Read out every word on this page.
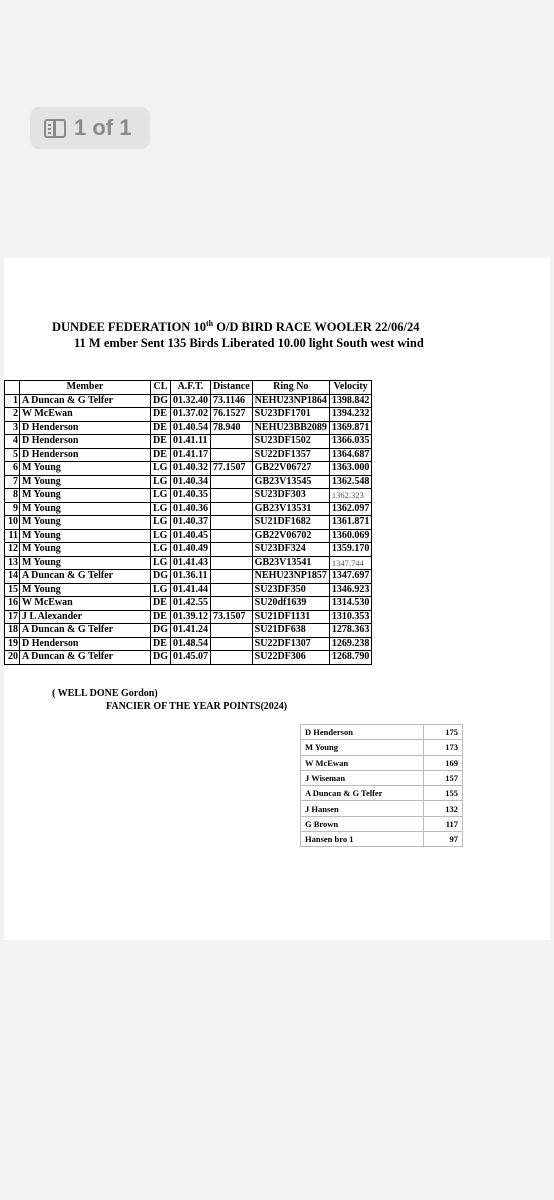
1 of 1
DUNDEE FEDERATION 10th O/D BIRD RACE WOOLER 22/06/24
11 M ember Sent 135 Birds Liberated 10.00 light South west wind
	Member	CL	A.F.T.	Distance	Ring No	Velocity
1	A Duncan & G Telfer	DG	01.32.40	73.1146	NEHU23NP1864	1398.842
2	W McEwan	DE	01.37.02	76.1527	SU23DF1701	1394.232
3	D Henderson	DE	01.40.54	78.940	NEHU23BB2089	1369.871
4	D Henderson	DE	01.41.11		SU23DF1502	1366.035
5	D Henderson	DE	01.41.17		SU22DF1357	1364.687
6	M Young	LG	01.40.32	77.1507	GB22V06727	1363.000
7	M Young	LG	01.40.34		GB23V13545	1362.548
8	M Young	LG	01.40.35		SU23DF303	1362.323
9	M Young	LG	01.40.36		GB23V13531	1362.097
10	M Young	LG	01.40.37		SU21DF1682	1361.871
11	M Young	LG	01.40.45		GB22V06702	1360.069
12	M Young	LG	01.40.49		SU23DF324	1359.170
13	M Young	LG	01.41.43		GB23V13541	1347.744
14	A Duncan & G Telfer	DG	01.36.11		NEHU23NP1857	1347.697
15	M Young	LG	01.41.44		SU23DF350	1346.923
16	W McEwan	DE	01.42.55		SU20df1639	1314.530
17	J L Alexander	DE	01.39.12	73.1507	SU21DF1131	1310.353
18	A Duncan & G Telfer	DG	01.41.24		SU21DF638	1278.363
19	D Henderson	DE	01.48.54		SU22DF1307	1269.238
20	A Duncan & G Telfer	DG	01.45.07		SU22DF306	1268.790
( WELL DONE Gordon)
FANCIER OF THE YEAR POINTS(2024)
D Henderson	175
M Young	173
W McEwan	169
J Wiseman	157
A Duncan & G Telfer	155
J Hansen	132
G Brown	117
Hansen bro 1	97
